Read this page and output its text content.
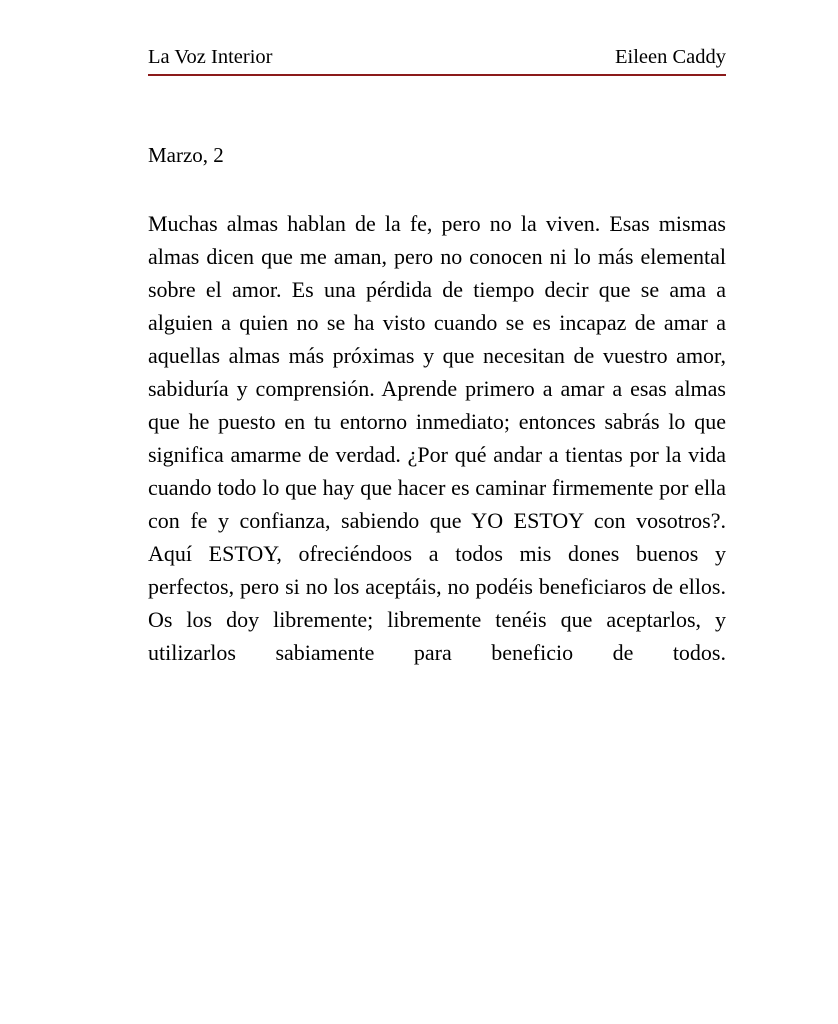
La Voz Interior	Eileen Caddy
Marzo, 2
Muchas almas hablan de la fe, pero no la viven. Esas mismas almas dicen que me aman, pero no conocen ni lo más elemental sobre el amor. Es una pérdida de tiempo decir que se ama a alguien a quien no se ha visto cuando se es incapaz de amar a aquellas almas más próximas y que necesitan de vuestro amor, sabiduría y comprensión. Aprende primero a amar a esas almas que he puesto en tu entorno inmediato; entonces sabrás lo que significa amarme de verdad. ¿Por qué andar a tientas por la vida cuando todo lo que hay que hacer es caminar firmemente por ella con fe y confianza, sabiendo que YO ESTOY con vosotros?. Aquí ESTOY, ofreciéndoos a todos mis dones buenos y perfectos, pero si no los aceptáis, no podéis beneficiaros de ellos. Os los doy libremente; libremente tenéis que aceptarlos, y utilizarlos sabiamente para beneficio de todos.
